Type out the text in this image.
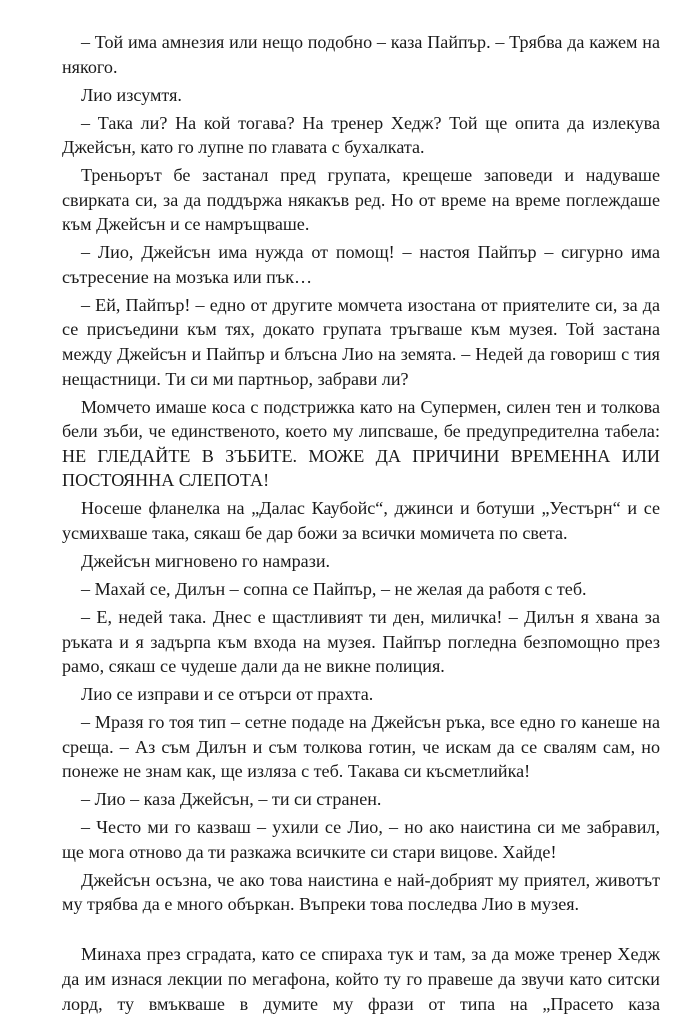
– Той има амнезия или нещо подобно – каза Пайпър. – Трябва да кажем на някого.

Лио изсумтя.

– Така ли? На кой тогава? На тренер Хедж? Той ще опита да излекува Джейсън, като го лупне по главата с бухалката.

Треньорът бе застанал пред групата, крещеше заповеди и надуваше свирката си, за да поддържа някакъв ред. Но от време на време поглеждаше към Джейсън и се намръщваше.

– Лио, Джейсън има нужда от помощ! – настоя Пайпър – сигурно има сътресение на мозъка или пък…

– Ей, Пайпър! – едно от другите момчета изостана от приятелите си, за да се присъедини към тях, докато групата тръгваше към музея. Той застана между Джейсън и Пайпър и блъсна Лио на земята. – Недей да говориш с тия нещастници. Ти си ми партньор, забрави ли?

Момчето имаше коса с подстрижка като на Супермен, силен тен и толкова бели зъби, че единственото, което му липсваше, бе предупредителна табела: НЕ ГЛЕДАЙТЕ В ЗЪБИТЕ. МОЖЕ ДА ПРИЧИНИ ВРЕМЕННА ИЛИ ПОСТОЯННА СЛЕПОТА!

Носеше фланелка на „Далас Каубойс“, джинси и ботуши „Уестърн“ и се усмихваше така, сякаш бе дар божи за всички момичета по света.

Джейсън мигновено го намрази.

– Махай се, Дилън – сопна се Пайпър, – не желая да работя с теб.

– Е, недей така. Днес е щастливият ти ден, миличка! – Дилън я хвана за ръката и я задърпа към входа на музея. Пайпър погледна безпомощно през рамо, сякаш се чудеше дали да не викне полиция.

Лио се изправи и се отърси от прахта.

– Мразя го тоя тип – сетне подаде на Джейсън ръка, все едно го канеше на среща. – Аз съм Дилън и съм толкова готин, че искам да се свалям сам, но понеже не знам как, ще изляза с теб. Такава си късметлийка!

– Лио – каза Джейсън, – ти си странен.

– Често ми го казваш – ухили се Лио, – но ако наистина си ме забравил, ще мога отново да ти разкажа всичките си стари вицове. Хайде!

Джейсън осъзна, че ако това наистина е най-добрият му приятел, животът му трябва да е много объркан. Въпреки това последва Лио в музея.

Минаха през сградата, като се спираха тук и там, за да може тренер Хедж да им изнася лекции по мегафона, който ту го правеше да звучи като ситски лорд, ту вмъкваше в думите му фрази от типа на „Прасето каза
